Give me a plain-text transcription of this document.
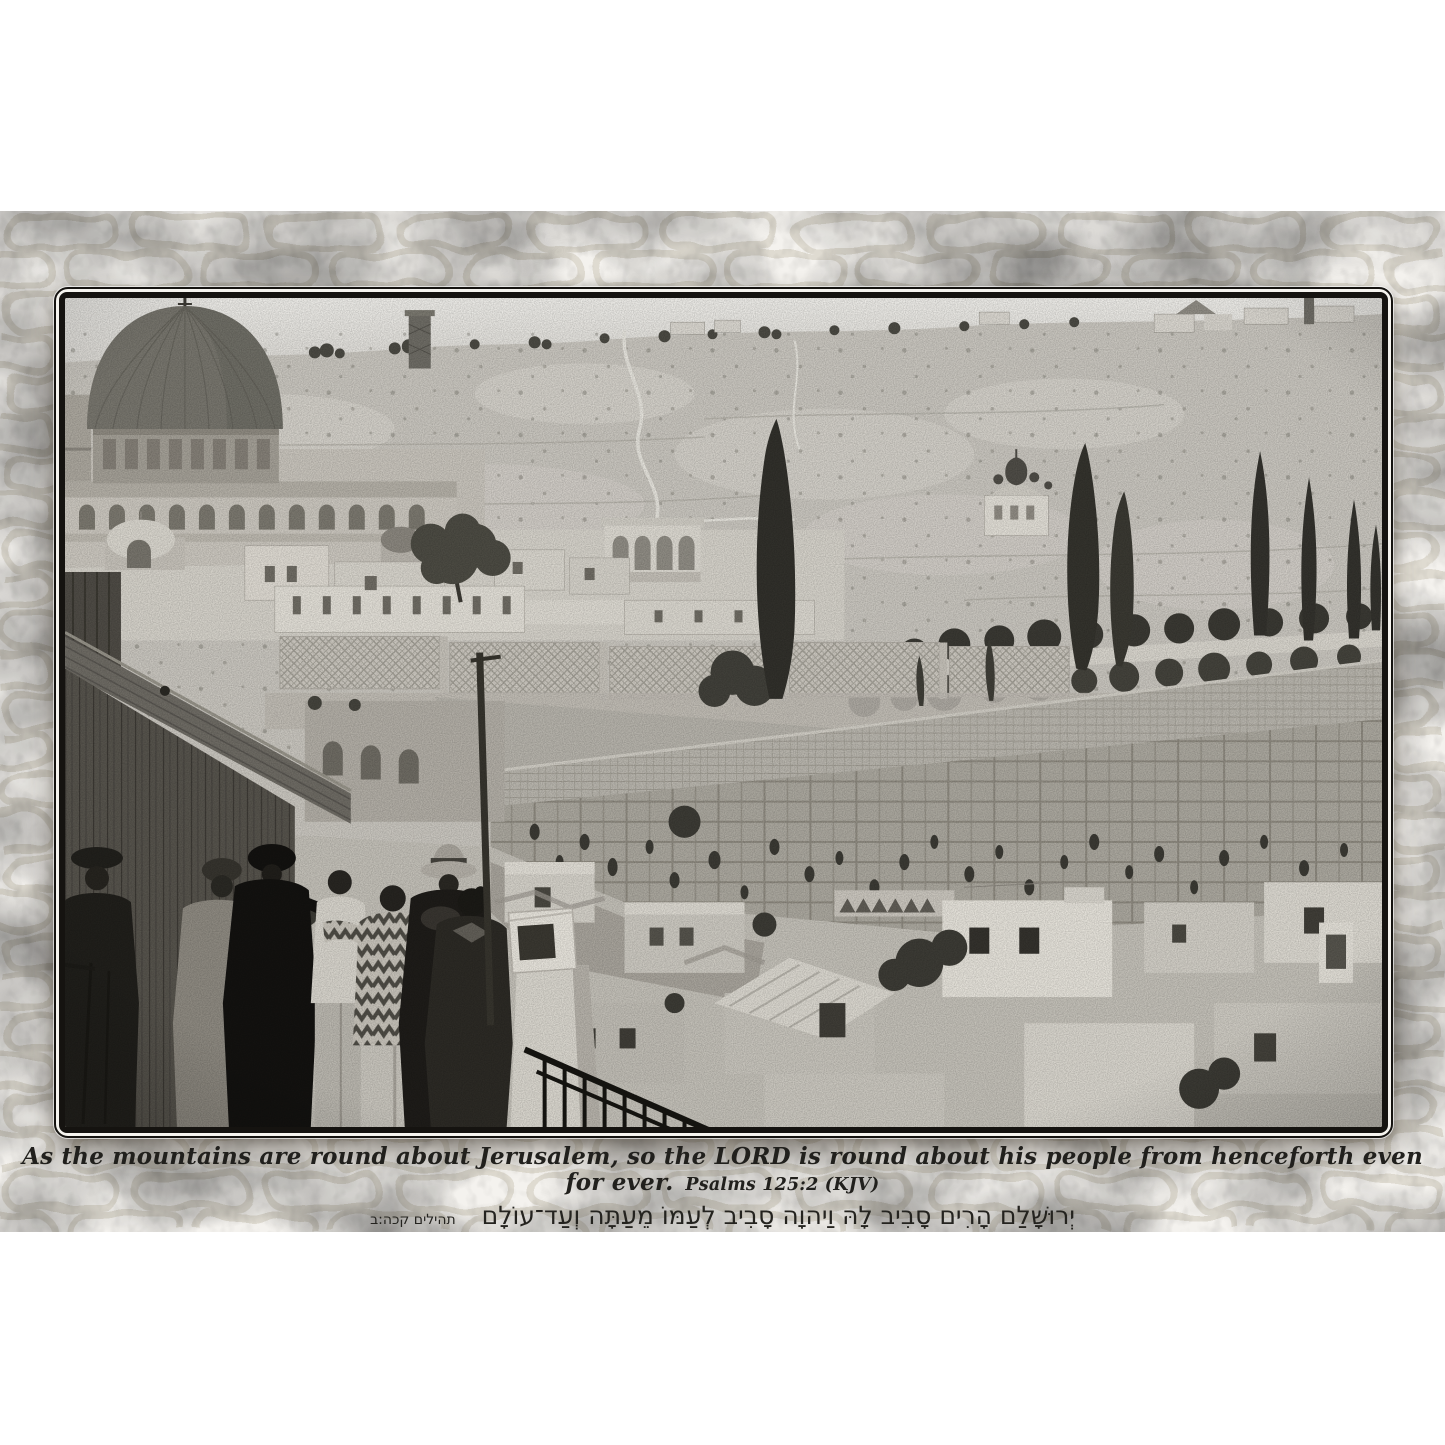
As the mountains are round about Jerusalem, so the LORD is round about his people from henceforth even for ever. Psalms 125:2 (KJV)

יְרוּשָׁלַם הָרִים סָבִיב לָהּ וַיהוָה סָבִיב לְעַמּוֹ מֵעַתָּה וְעַד־עוֹלָםתהילים קכה:ב
